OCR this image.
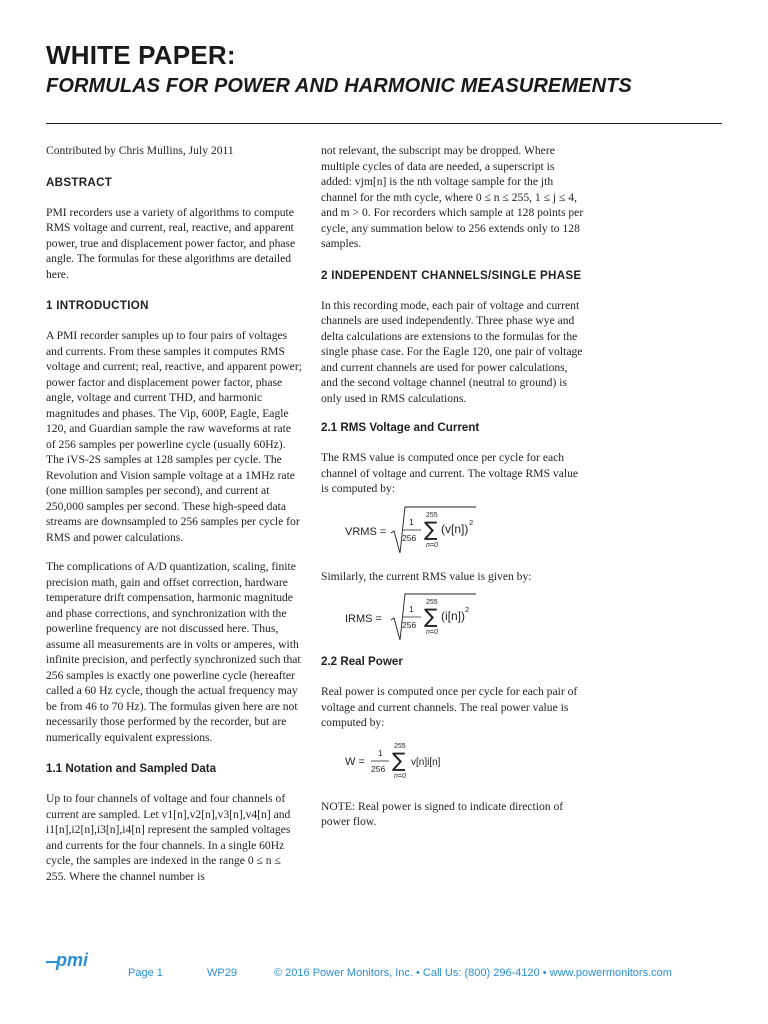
WHITE PAPER:
FORMULAS FOR POWER AND HARMONIC MEASUREMENTS

Contributed by Chris Mullins, July 2011

ABSTRACT

PMI recorders use a variety of algorithms to compute RMS voltage and current, real, reactive, and apparent power, true and displacement power factor, and phase angle. The formulas for these algorithms are detailed here.

1 INTRODUCTION

A PMI recorder samples up to four pairs of voltages and currents. From these samples it computes RMS voltage and current; real, reactive, and apparent power; power factor and displacement power factor, phase angle, voltage and current THD, and harmonic magnitudes and phases. The Vip, 600P, Eagle, Eagle 120, and Guardian sample the raw waveforms at rate of 256 samples per powerline cycle (usually 60Hz). The iVS-2S samples at 128 samples per cycle. The Revolution and Vision sample voltage at a 1MHz rate (one million samples per second), and current at 250,000 samples per second. These high-speed data streams are downsampled to 256 samples per cycle for RMS and power calculations.

The complications of A/D quantization, scaling, finite precision math, gain and offset correction, hardware temperature drift compensation, harmonic magnitude and phase corrections, and synchronization with the powerline frequency are not discussed here. Thus, assume all measurements are in volts or amperes, with infinite precision, and perfectly synchronized such that 256 samples is exactly one powerline cycle (hereafter called a 60 Hz cycle, though the actual frequency may be from 46 to 70 Hz). The formulas given here are not necessarily those performed by the recorder, but are numerically equivalent expressions.

1.1 Notation and Sampled Data

Up to four channels of voltage and four channels of current are sampled. Let v1[n],v2[n],v3[n],v4[n] and i1[n],i2[n],i3[n],i4[n] represent the sampled voltages and currents for the four channels. In a single 60Hz cycle, the samples are indexed in the range 0 ≤ n ≤ 255. Where the channel number is

not relevant, the subscript may be dropped. Where multiple cycles of data are needed, a superscript is added: vjm[n] is the nth voltage sample for the jth channel for the mth cycle, where 0 ≤ n ≤ 255, 1 ≤ j ≤ 4, and m > 0. For recorders which sample at 128 points per cycle, any summation below to 256 extends only to 128 samples.

2 INDEPENDENT CHANNELS/SINGLE PHASE

In this recording mode, each pair of voltage and current channels are used independently. Three phase wye and delta calculations are extensions to the formulas for the single phase case. For the Eagle 120, one pair of voltage and current channels are used for power calculations, and the second voltage channel (neutral to ground) is only used in RMS calculations.

2.1 RMS Voltage and Current

The RMS value is computed once per cycle for each channel of voltage and current. The voltage RMS value is computed by:

VRMS =
1
256
255
∑
n=0
(v[n]) 2

Similarly, the current RMS value is given by:

IRMS =
1
256
255
∑
n=0
(i[n]) 2

2.2 Real Power

Real power is computed once per cycle for each pair of voltage and current channels. The real power value is computed by:

W =
1
256
255
∑
n=0
v[n]i[n]

NOTE: Real power is signed to indicate direction of power flow.

pmi
Page 1	WP29	© 2016 Power Monitors, Inc. • Call Us: (800) 296-4120 • www.powermonitors.com
